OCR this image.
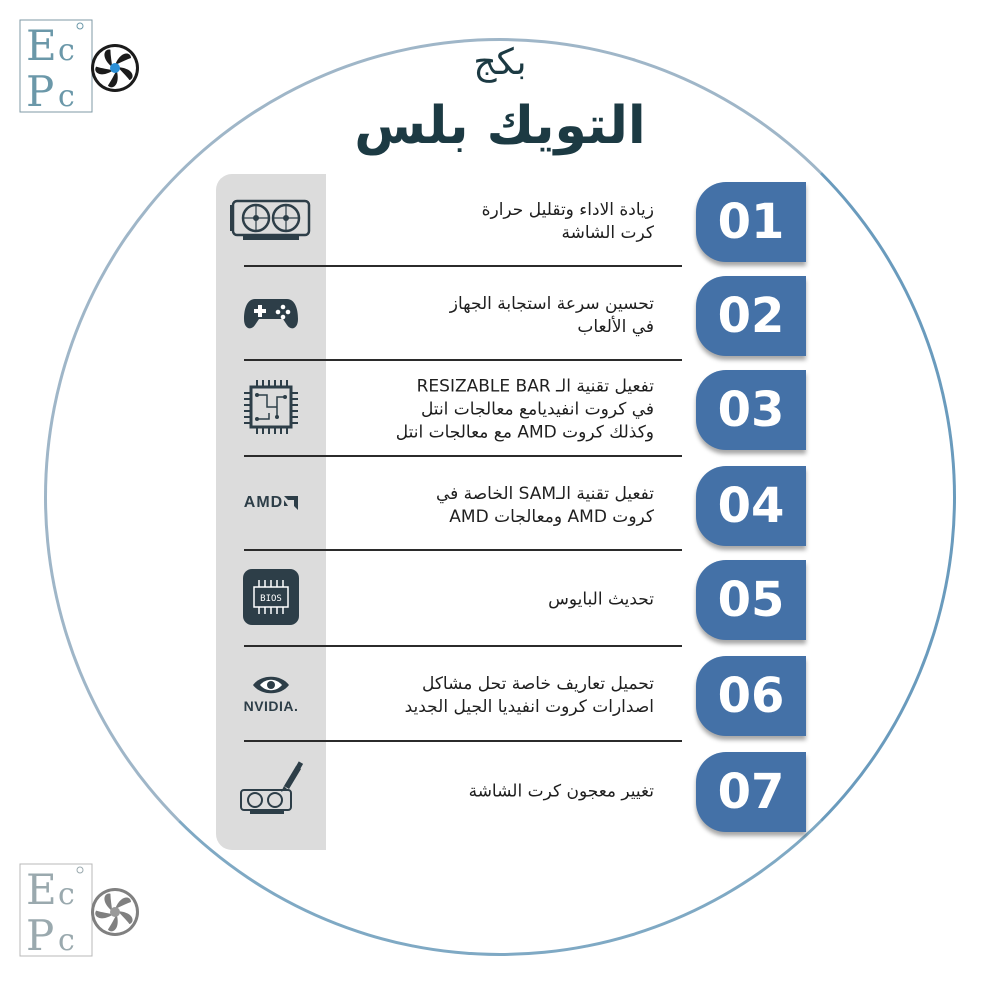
E c
P c
E c
P c
بكج
التويك بلس
زيادة الاداء وتقليل حرارة
كرت الشاشة	01
تحسين سرعة استجابة الجهاز
في الألعاب	02
تفعيل تقنية الـ RESIZABLE BAR
في كروت انفيديامع معالجات انتل
وكذلك كروت AMD مع معالجات انتل	03
AMD	تفعيل تقنية الـSAM الخاصة في
كروت AMD ومعالجات AMD	04
BIOS	تحديث البايوس	05
NVIDIA.
تحميل تعاريف خاصة تحل مشاكل
اصدارات كروت انفيديا الجيل الجديد	06
تغيير معجون كرت الشاشة	07
